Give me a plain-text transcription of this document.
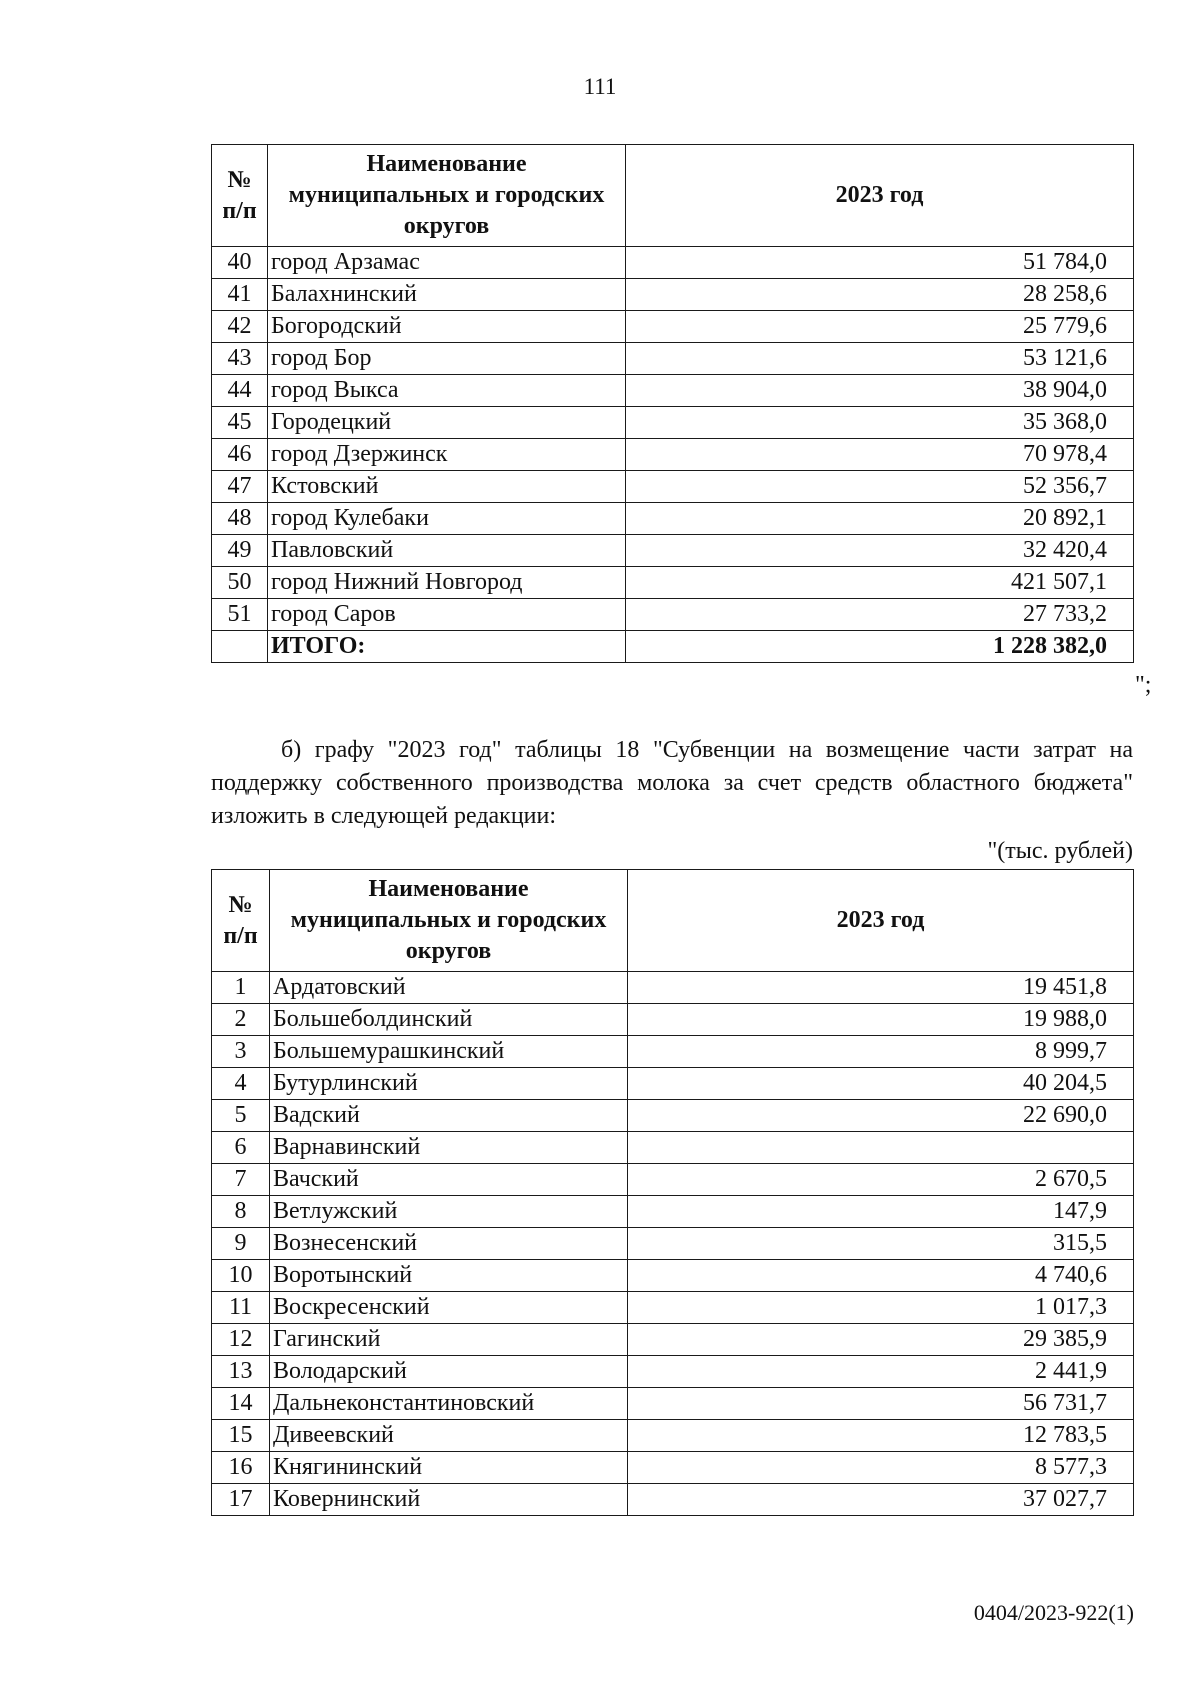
111
№ п/п	Наименование муниципальных и городских округов	2023 год
40	город Арзамас	51 784,0
41	Балахнинский	28 258,6
42	Богородский	25 779,6
43	город Бор	53 121,6
44	город Выкса	38 904,0
45	Городецкий	35 368,0
46	город Дзержинск	70 978,4
47	Кстовский	52 356,7
48	город Кулебаки	20 892,1
49	Павловский	32 420,4
50	город Нижний Новгород	421 507,1
51	город Саров	27 733,2
	ИТОГО:	1 228 382,0
";

б) графу "2023 год" таблицы 18 "Субвенции на возмещение части затрат на поддержку собственного производства молока за счет средств областного бюджета" изложить в следующей редакции:

"(тыс. рублей)
№ п/п	Наименование муниципальных и городских округов	2023 год
1	Ардатовский	19 451,8
2	Большеболдинский	19 988,0
3	Большемурашкинский	8 999,7
4	Бутурлинский	40 204,5
5	Вадский	22 690,0
6	Варнавинский	
7	Вачский	2 670,5
8	Ветлужский	147,9
9	Вознесенский	315,5
10	Воротынский	4 740,6
11	Воскресенский	1 017,3
12	Гагинский	29 385,9
13	Володарский	2 441,9
14	Дальнеконстантиновский	56 731,7
15	Дивеевский	12 783,5
16	Княгининский	8 577,3
17	Ковернинский	37 027,7
0404/2023-922(1)
